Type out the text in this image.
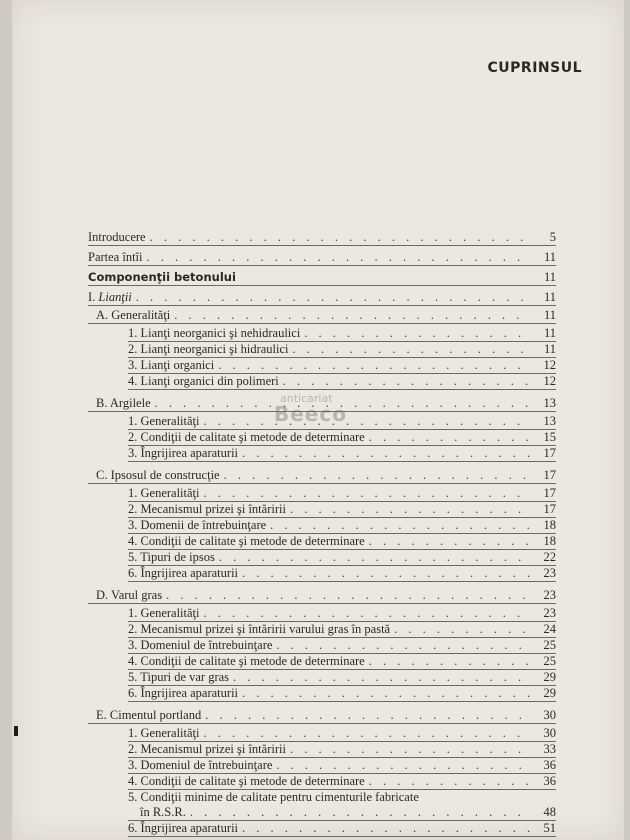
CUPRINSUL
anticariat
Beeco
Introducere . . .	5
Partea întîi . . .	11
Componenţii betonului	11
I. Lianţii . . .	11
A. Generalităţi . . .	11
1. Lianţi neorganici şi nehidraulici . . .	11
2. Lianţi neorganici şi hidraulici . . .	11
3. Lianţi organici . . .	12
4. Lianţi organici din polimeri . . .	12
B. Argilele . . .	13
1. Generalităţi . . .	13
2. Condiţii de calitate şi metode de determinare . . .	15
3. Îngrijirea aparaturii . . .	17
C. Ipsosul de construcţie . . .	17
1. Generalităţi . . .	17
2. Mecanismul prizei şi întăririi . . .	17
3. Domenii de întrebuinţare . . .	18
4. Condiţii de calitate şi metode de determinare . . .	18
5. Tipuri de ipsos . . .	22
6. Îngrijirea aparaturii . . .	23
D. Varul gras . . .	23
1. Generalităţi . . .	23
2. Mecanismul prizei şi întăririi varului gras în pastă . . .	24
3. Domeniul de întrebuinţare . . .	25
4. Condiţii de calitate şi metode de determinare . . .	25
5. Tipuri de var gras . . .	29
6. Îngrijirea aparaturii . . .	29
E. Cimentul portland . . .	30
1. Generalităţi . . .	30
2. Mecanismul prizei şi întăririi . . .	33
3. Domeniul de întrebuinţare . . .	36
4. Condiţii de calitate şi metode de determinare . . .	36
5. Condiţii minime de calitate pentru cimenturile fabricate
în R.S.R. . . .	48
6. Îngrijirea aparaturii . . .	51
